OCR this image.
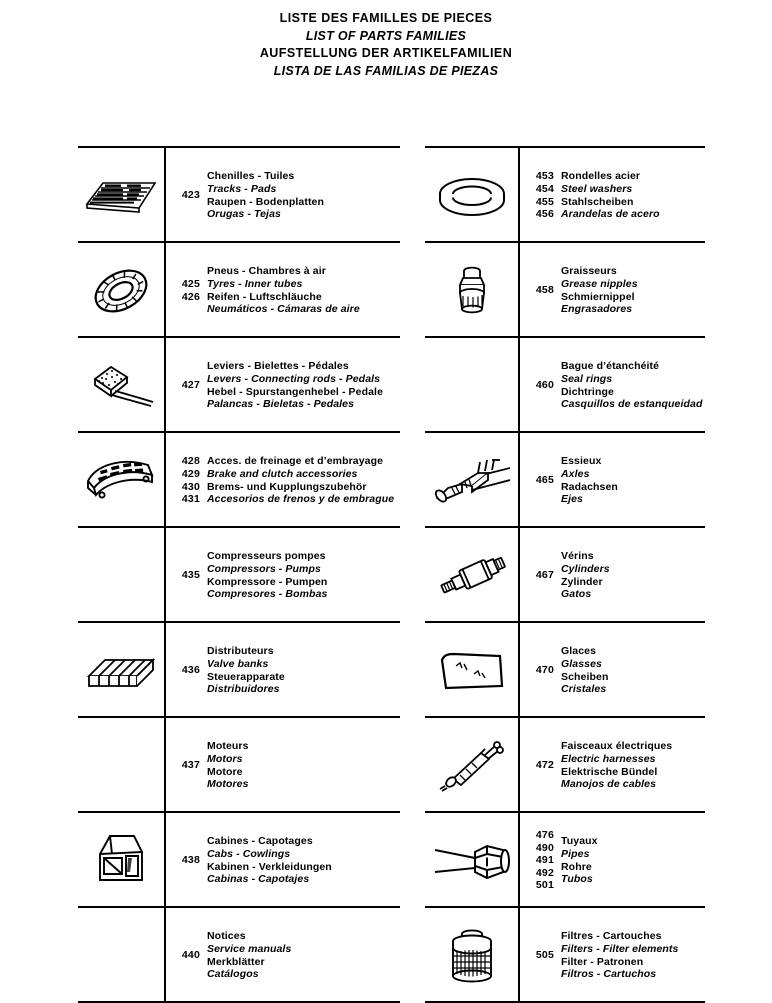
LISTE DES FAMILLES DE PIECES
LIST OF PARTS FAMILIES
AUFSTELLUNG DER ARTIKELFAMILIEN
LISTA DE LAS FAMILIAS DE PIEZAS
423
Chenilles - Tuiles
Tracks - Pads
Raupen - Bodenplatten
Orugas - Tejas
425
426
Pneus - Chambres à air
Tyres - Inner tubes
Reifen - Luftschläuche
Neumáticos - Cámaras de aire
427
Leviers - Bielettes - Pédales
Levers - Connecting rods - Pedals
Hebel - Spurstangenhebel - Pedale
Palancas - Bieletas - Pedales
428
429
430
431
Acces. de freinage et d’embrayage
Brake and clutch accessories
Brems- und Kupplungszubehör
Accesorios de frenos y de embrague
435
Compresseurs pompes
Compressors - Pumps
Kompressore - Pumpen
Compresores - Bombas
436
Distributeurs
Valve banks
Steuerapparate
Distribuidores
437
Moteurs
Motors
Motore
Motores
438
Cabines - Capotages
Cabs - Cowlings
Kabinen - Verkleidungen
Cabinas - Capotajes
440
Notices
Service manuals
Merkblätter
Catálogos
453
454
455
456
Rondelles acier
Steel washers
Stahlscheiben
Arandelas de acero
458
Graisseurs
Grease nipples
Schmiernippel
Engrasadores
460
Bague d’étanchéité
Seal rings
Dichtringe
Casquillos de estanqueidad
465
Essieux
Axles
Radachsen
Ejes
467
Vérins
Cylinders
Zylinder
Gatos
470
Glaces
Glasses
Scheiben
Cristales
472
Faisceaux électriques
Electric harnesses
Elektrische Bündel
Manojos de cables
476
490
491
492
501
Tuyaux
Pipes
Rohre
Tubos
505
Filtres - Cartouches
Filters - Filter elements
Filter - Patronen
Filtros - Cartuchos
